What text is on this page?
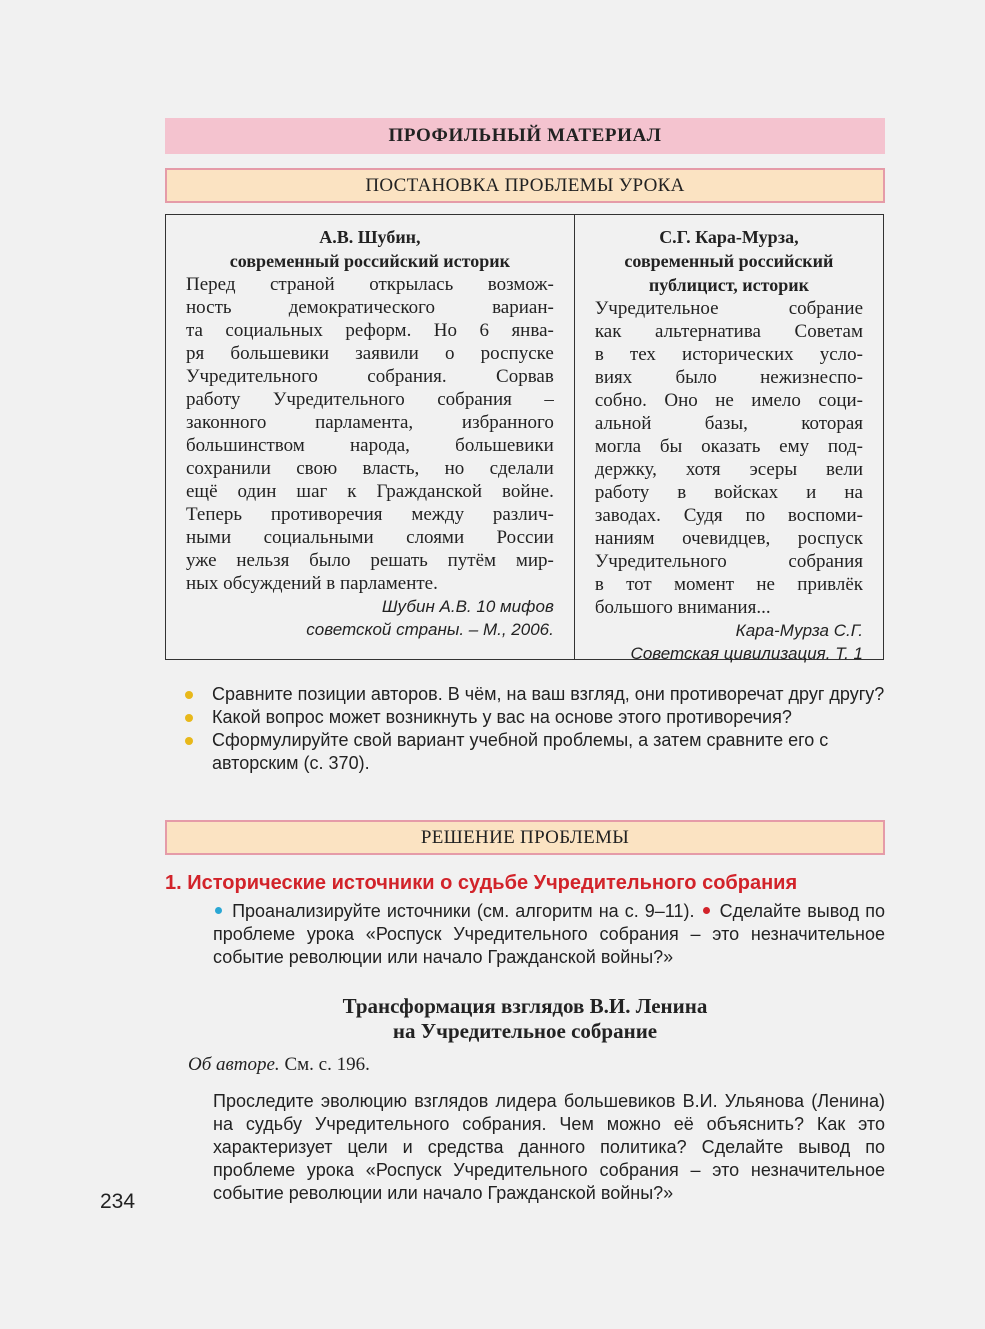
ПРОФИЛЬНЫЙ МАТЕРИАЛ
ПОСТАНОВКА ПРОБЛЕМЫ УРОКА
А.В. Шубин,
современный российский историк
Перед страной открылась возмож-
ность демократического вариан-
та социальных реформ. Но 6 янва-
ря большевики заявили о роспуске
Учредительного собрания. Сорвав
работу Учредительного собрания –
законного парламента, избранного
большинством народа, большевики
сохранили свою власть, но сделали
ещё один шаг к Гражданской войне.
Теперь противоречия между различ-
ными социальными слоями России
уже нельзя было решать путём мир-
ных обсуждений в парламенте.
Шубин А.В. 10 мифов
советской страны. – М., 2006.
С.Г. Кара-Мурза,
современный российский
публицист, историк
Учредительное собрание
как альтернатива Советам
в тех исторических усло-
виях было нежизнеспо-
собно. Оно не имело соци-
альной базы, которая
могла бы оказать ему под-
держку, хотя эсеры вели
работу в войсках и на
заводах. Судя по воспоми-
наниям очевидцев, роспуск
Учредительного собрания
в тот момент не привлёк
большого внимания...
Кара-Мурза С.Г.
Советская цивилизация. Т. 1
Сравните позиции авторов. В чём, на ваш взгляд, они противоречат друг другу?
Какой вопрос может возникнуть у вас на основе этого противоречия?
Сформулируйте свой вариант учебной проблемы, а затем сравните его с авторским (с. 370).
РЕШЕНИЕ ПРОБЛЕМЫ
1. Исторические источники о судьбе Учредительного собрания
Проанализируйте источники (см. алгоритм на с. 9–11). Сделайте вывод по проблеме урока «Роспуск Учредительного собрания – это незначительное событие революции или начало Гражданской войны?»
Трансформация взглядов В.И. Ленина
на Учредительное собрание
Об авторе. См. с. 196.
Проследите эволюцию взглядов лидера большевиков В.И. Ульянова (Ленина) на судьбу Учредительного собрания. Чем можно её объяснить? Как это характеризует цели и средства данного политика? Сделайте вывод по проблеме урока «Роспуск Учредительного собрания – это незначительное событие революции или начало Гражданской войны?»
234
